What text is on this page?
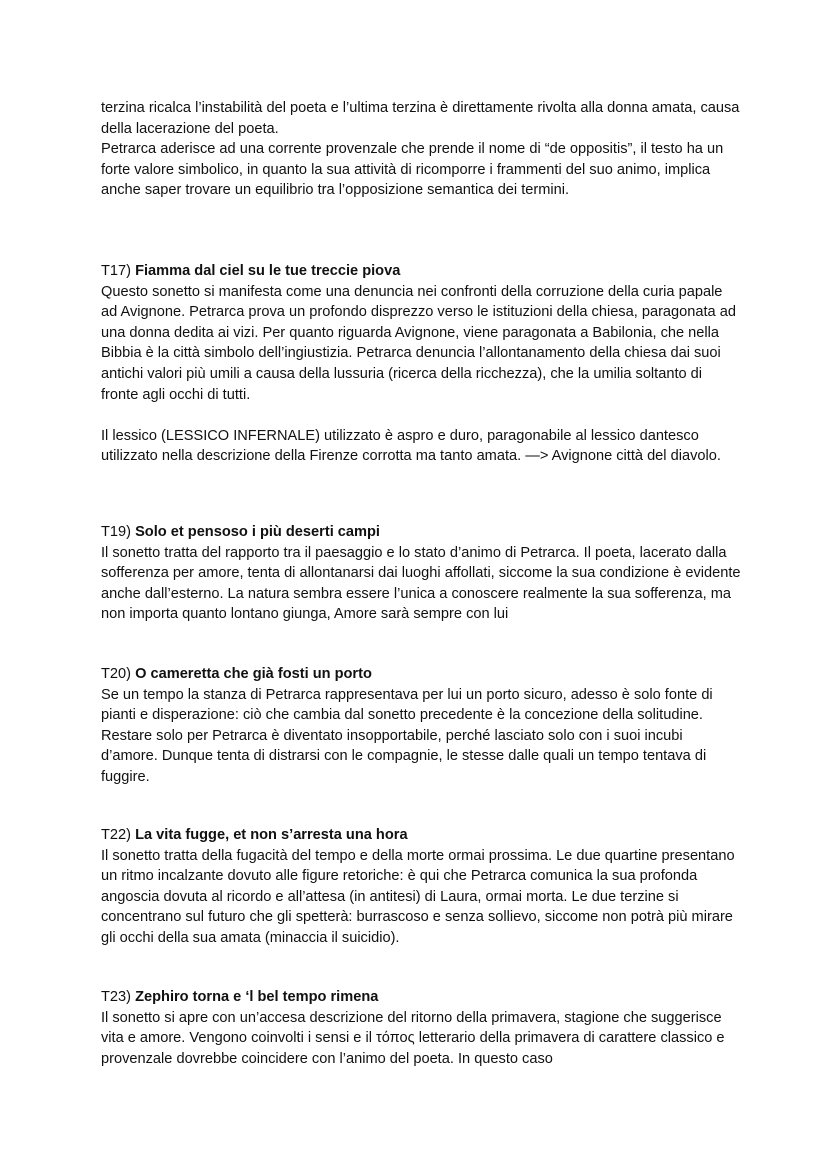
terzina ricalca l’instabilità del poeta e l’ultima terzina è direttamente rivolta alla donna amata, causa della lacerazione del poeta.

Petrarca aderisce ad una corrente provenzale che prende il nome di “de oppositis”, il testo ha un forte valore simbolico, in quanto la sua attività di ricomporre i frammenti del suo animo, implica anche saper trovare un equilibrio tra l’opposizione semantica dei termini.

T17) Fiamma dal ciel su le tue treccie piova

Questo sonetto si manifesta come una denuncia nei confronti della corruzione della curia papale ad Avignone. Petrarca prova un profondo disprezzo verso le istituzioni della chiesa, paragonata ad una donna dedita ai vizi. Per quanto riguarda Avignone, viene paragonata a Babilonia, che nella Bibbia è la città simbolo dell’ingiustizia. Petrarca denuncia l’allontanamento della chiesa dai suoi antichi valori più umili a causa della lussuria (ricerca della ricchezza), che la umilia soltanto di fronte agli occhi di tutti.

Il lessico (LESSICO INFERNALE) utilizzato è aspro e duro, paragonabile al lessico dantesco utilizzato nella descrizione della Firenze corrotta ma tanto amata. —> Avignone città del diavolo.

T19) Solo et pensoso i più deserti campi

Il sonetto tratta del rapporto tra il paesaggio e lo stato d’animo di Petrarca. Il poeta, lacerato dalla sofferenza per amore, tenta di allontanarsi dai luoghi affollati, siccome la sua condizione è evidente anche dall’esterno. La natura sembra essere l’unica a conoscere realmente la sua sofferenza, ma non importa quanto lontano giunga, Amore sarà sempre con lui

T20) O cameretta che già fosti un porto

Se un tempo la stanza di Petrarca rappresentava per lui un porto sicuro, adesso è solo fonte di pianti e disperazione: ciò che cambia dal sonetto precedente è la concezione della solitudine. Restare solo per Petrarca è diventato insopportabile, perché lasciato solo con i suoi incubi d’amore. Dunque tenta di distrarsi con le compagnie, le stesse dalle quali un tempo tentava di fuggire.

T22) La vita fugge, et non s’arresta una hora

Il sonetto tratta della fugacità del tempo e della morte ormai prossima. Le due quartine presentano un ritmo incalzante dovuto alle figure retoriche: è qui che Petrarca comunica la sua profonda angoscia dovuta al ricordo e all’attesa (in antitesi) di Laura, ormai morta. Le due terzine si concentrano sul futuro che gli spetterà: burrascoso e senza sollievo, siccome non potrà più mirare gli occhi della sua amata (minaccia il suicidio).

T23) Zephiro torna e ‘l bel tempo rimena

Il sonetto si apre con un’accesa descrizione del ritorno della primavera, stagione che suggerisce vita e amore. Vengono coinvolti i sensi e il τόπος letterario della primavera di carattere classico e provenzale dovrebbe coincidere con l’animo del poeta. In questo caso
